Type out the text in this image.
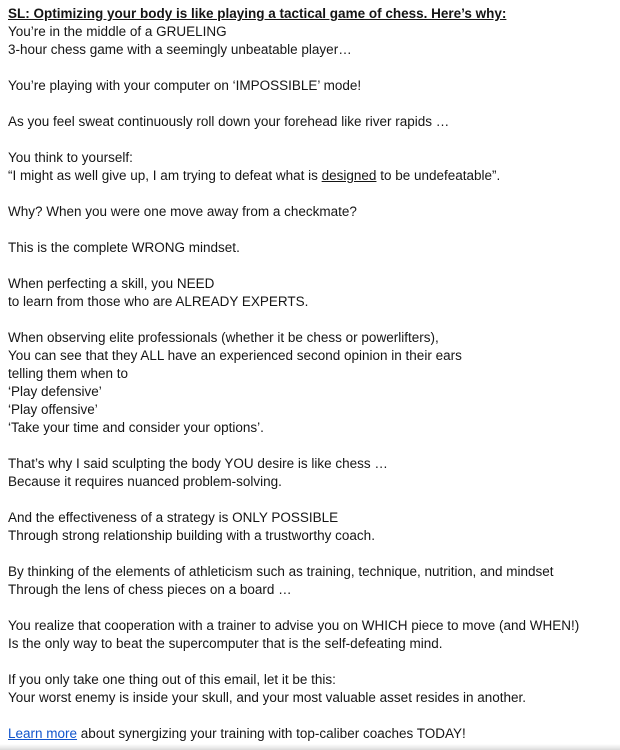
SL: Optimizing your body is like playing a tactical game of chess. Here’s why:
You’re in the middle of a GRUELING
3-hour chess game with a seemingly unbeatable player…

You’re playing with your computer on ‘IMPOSSIBLE’ mode!

As you feel sweat continuously roll down your forehead like river rapids …

You think to yourself:
“I might as well give up, I am trying to defeat what is designed to be undefeatable”.

Why? When you were one move away from a checkmate?

This is the complete WRONG mindset.

When perfecting a skill, you NEED
to learn from those who are ALREADY EXPERTS.

When observing elite professionals (whether it be chess or powerlifters),
You can see that they ALL have an experienced second opinion in their ears
telling them when to
‘Play defensive’
‘Play offensive’
‘Take your time and consider your options’.

That’s why I said sculpting the body YOU desire is like chess …
Because it requires nuanced problem-solving.

And the effectiveness of a strategy is ONLY POSSIBLE
Through strong relationship building with a trustworthy coach.

By thinking of the elements of athleticism such as training, technique, nutrition, and mindset
Through the lens of chess pieces on a board …

You realize that cooperation with a trainer to advise you on WHICH piece to move (and WHEN!)
Is the only way to beat the supercomputer that is the self-defeating mind.

If you only take one thing out of this email, let it be this:
Your worst enemy is inside your skull, and your most valuable asset resides in another.

Learn more about synergizing your training with top-caliber coaches TODAY!
